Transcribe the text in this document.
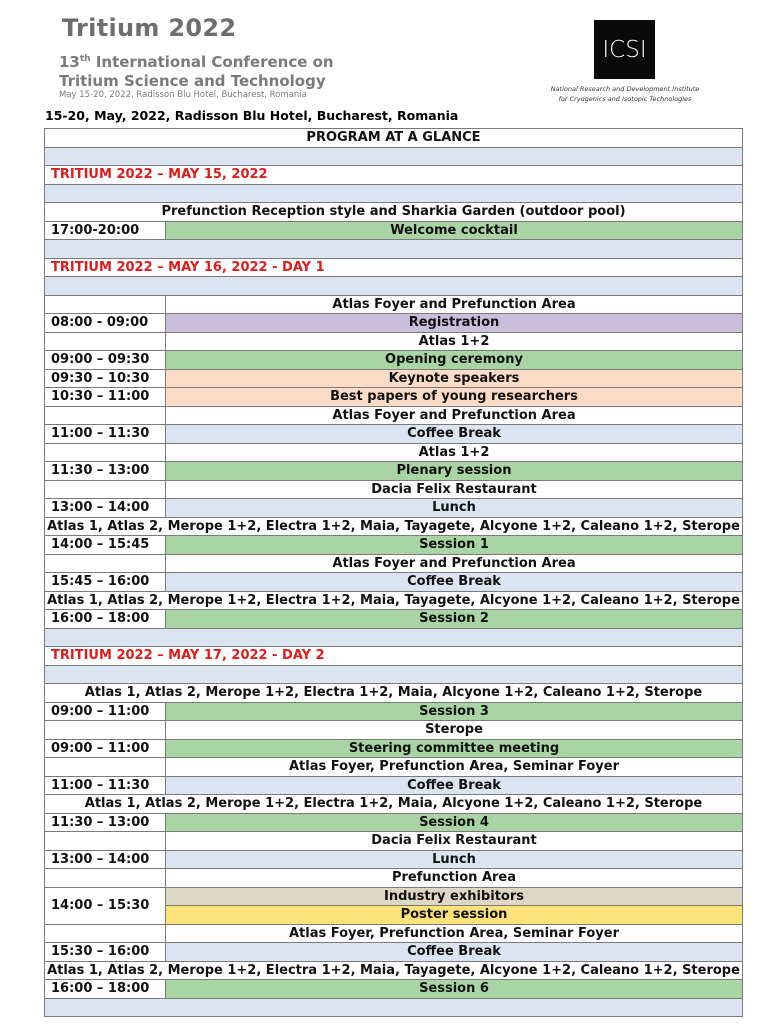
Tritium 2022
13th International Conference on
Tritium Science and Technology
May 15-20, 2022, Radisson Blu Hotel, Bucharest, Romania
ICSI
National Research and Development Institute
for Cryogenics and Isotopic Technologies
15-20, May, 2022, Radisson Blu Hotel, Bucharest, Romania
PROGRAM AT A GLANCE	

TRITIUM 2022 – MAY 15, 2022	

Prefunction Reception style and Sharkia Garden (outdoor pool)	
17:00-20:00	Welcome cocktail

TRITIUM 2022 – MAY 16, 2022 - DAY 1	

	Atlas Foyer and Prefunction Area
08:00 - 09:00	Registration
	Atlas 1+2
09:00 – 09:30	Opening ceremony
09:30 – 10:30	Keynote speakers
10:30 – 11:00	Best papers of young researchers
	Atlas Foyer and Prefunction Area
11:00 – 11:30	Coffee Break
	Atlas 1+2
11:30 – 13:00	Plenary session
	Dacia Felix Restaurant
13:00 – 14:00	Lunch
Atlas 1, Atlas 2, Merope 1+2, Electra 1+2, Maia, Tayagete, Alcyone 1+2, Caleano 1+2, Sterope	
14:00 – 15:45	Session 1
	Atlas Foyer and Prefunction Area
15:45 – 16:00	Coffee Break
Atlas 1, Atlas 2, Merope 1+2, Electra 1+2, Maia, Tayagete, Alcyone 1+2, Caleano 1+2, Sterope	
16:00 – 18:00	Session 2

TRITIUM 2022 – MAY 17, 2022 - DAY 2	

Atlas 1, Atlas 2, Merope 1+2, Electra 1+2, Maia, Alcyone 1+2, Caleano 1+2, Sterope	
09:00 – 11:00	Session 3
	Sterope
09:00 – 11:00	Steering committee meeting
	Atlas Foyer, Prefunction Area, Seminar Foyer
11:00 – 11:30	Coffee Break
Atlas 1, Atlas 2, Merope 1+2, Electra 1+2, Maia, Alcyone 1+2, Caleano 1+2, Sterope	
11:30 – 13:00	Session 4
	Dacia Felix Restaurant
13:00 – 14:00	Lunch
	Prefunction Area
14:00 – 15:30	Industry exhibitors
	Poster session
	Atlas Foyer, Prefunction Area, Seminar Foyer
15:30 – 16:00	Coffee Break
Atlas 1, Atlas 2, Merope 1+2, Electra 1+2, Maia, Tayagete, Alcyone 1+2, Caleano 1+2, Sterope	
16:00 – 18:00	Session 6
